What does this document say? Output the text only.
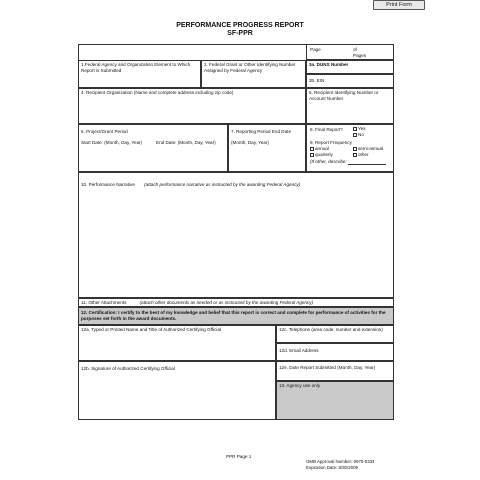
Print Form
PERFORMANCE PROGRESS REPORT
SF-PPR
Page	of
Pages
1.Federal Agency and Organization Element to Which Report is Submitted
2. Federal Grant or Other Identifying Number Assigned by Federal Agency
3a. DUNS Number
3b. EIN
4. Recipient Organization (Name and complete address including zip code)	5. Recipient Identifying Number or Account Number
6. Project/Grant Period
Start Date: (Month, Day, Year)	End Date: (Month, Day, Year)
7. Reporting Period End Date
(Month, Day, Year)
8. Final Report?	Yes
No
9. Report Frequency
annual	semi-annual
quarterly	other
(If other, describe:
10. Performance Narrative (attach performance narrative as instructed by the awarding Federal Agency)
11. Other Attachments	(attach other documents as needed or as instructed by the awarding Federal Agency)
12. Certification: I certify to the best of my knowledge and belief that this report is correct and complete for performance of activities for the purposes set forth in the award documents.
12a. Typed or Printed Name and Title of Authorized Certifying Official	12c. Telephone (area code, number and extension)
12d. Email Address
12b. Signature of Authorized Certifying Official	12e. Date Report Submitted (Month, Day, Year)
13. Agency use only
PPR Page 1
OMB Approval Number: 0970-0334
Expiration Date: 8/30/2009
